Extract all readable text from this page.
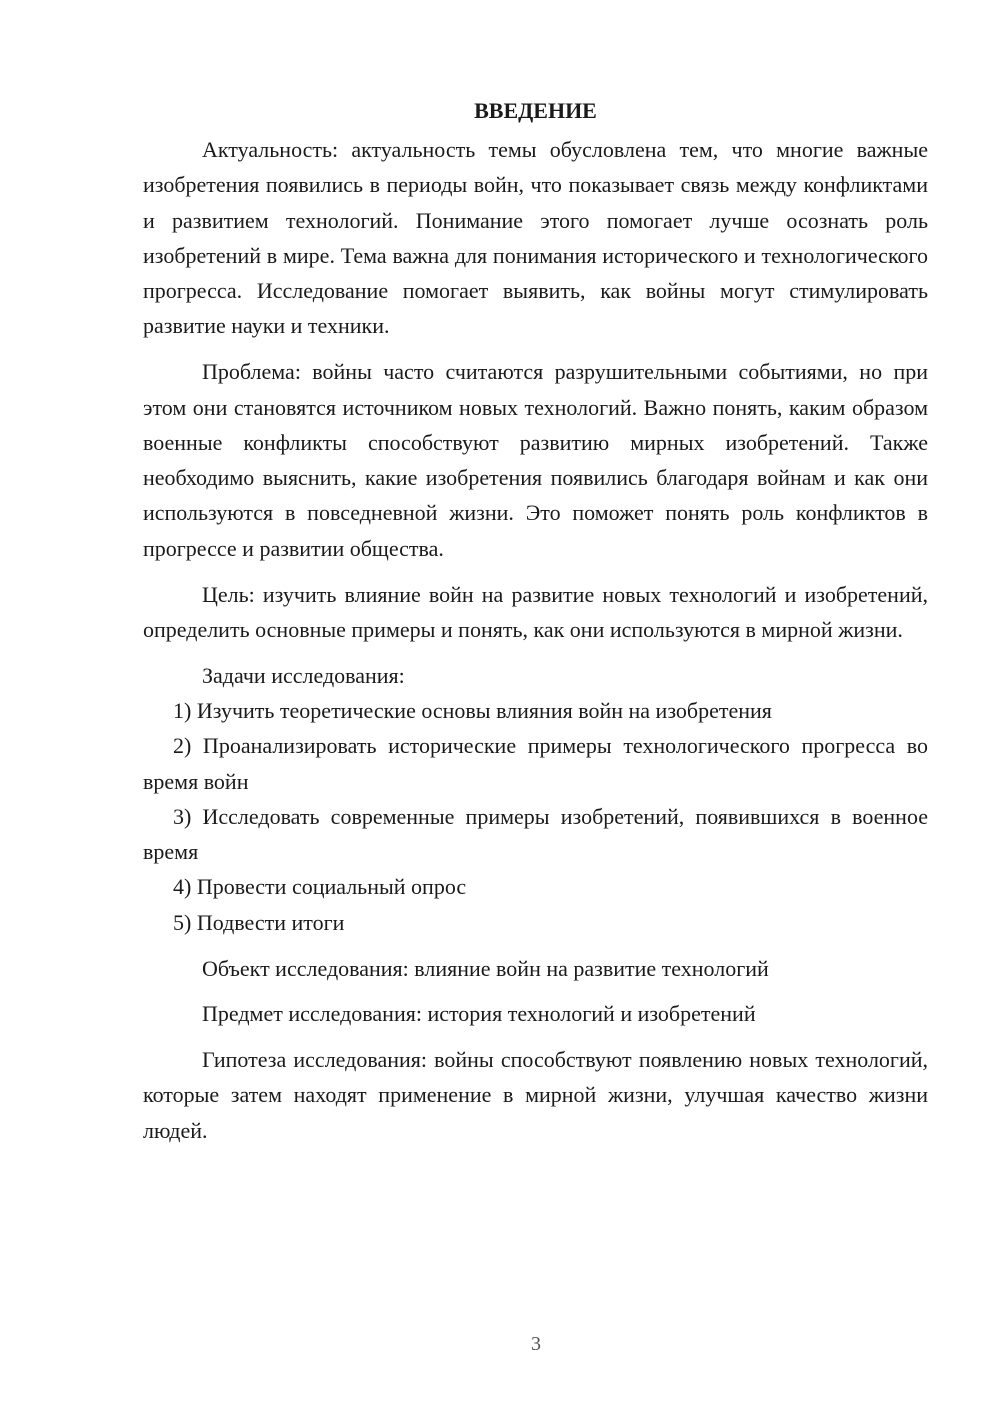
ВВЕДЕНИЕ

Актуальность: актуальность темы обусловлена тем, что многие важные изобретения появились в периоды войн, что показывает связь между конфликтами и развитием технологий. Понимание этого помогает лучше осознать роль изобретений в мире. Тема важна для понимания исторического и технологического прогресса. Исследование помогает выявить, как войны могут стимулировать развитие науки и техники.

Проблема: войны часто считаются разрушительными событиями, но при этом они становятся источником новых технологий. Важно понять, каким образом военные конфликты способствуют развитию мирных изобретений. Также необходимо выяснить, какие изобретения появились благодаря войнам и как они используются в повседневной жизни. Это поможет понять роль конфликтов в прогрессе и развитии общества.

Цель: изучить влияние войн на развитие новых технологий и изобретений, определить основные примеры и понять, как они используются в мирной жизни.

Задачи исследования:

1) Изучить теоретические основы влияния войн на изобретения

2) Проанализировать исторические примеры технологического прогресса во время войн

3) Исследовать современные примеры изобретений, появившихся в военное время

4) Провести социальный опрос

5) Подвести итоги

Объект исследования: влияние войн на развитие технологий

Предмет исследования: история технологий и изобретений

Гипотеза исследования: войны способствуют появлению новых технологий, которые затем находят применение в мирной жизни, улучшая качество жизни людей.

3
